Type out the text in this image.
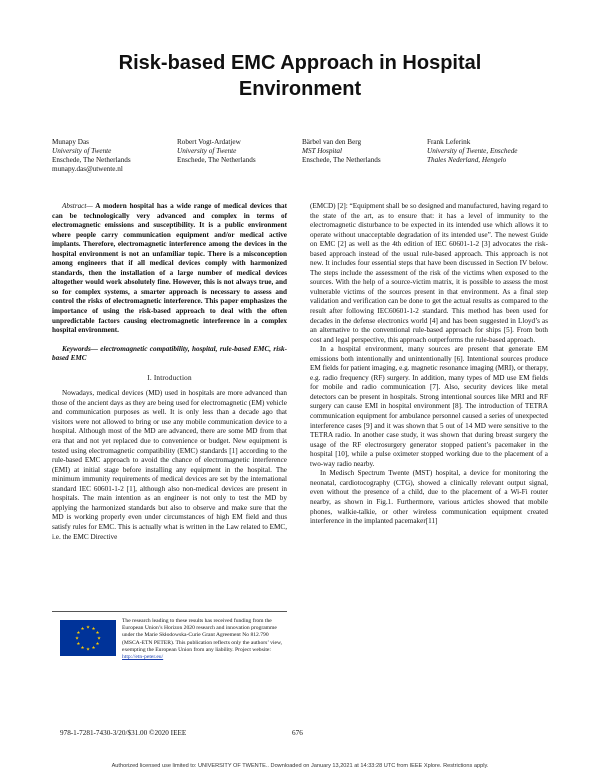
Risk-based EMC Approach in Hospital Environment
Munapy Das
University of Twente
Enschede, The Netherlands
munapy.das@utwente.nl
Robert Vogt-Ardatjew
University of Twente
Enschede, The Netherlands
Bärbel van den Berg
MST Hospital
Enschede, The Netherlands
Frank Leferink
University of Twente, Enschede
Thales Nederland, Hengelo

Abstract— A modern hospital has a wide range of medical devices that can be technologically very advanced and complex in terms of electromagnetic emissions and susceptibility. It is a public environment where people carry communication equipment and/or medical active implants. Therefore, electromagnetic interference among the devices in the hospital environment is not an unfamiliar topic. There is a misconception among engineers that if all medical devices comply with harmonized standards, then the installation of a large number of medical devices altogether would work absolutely fine. However, this is not always true, and so for complex systems, a smarter approach is necessary to assess and control the risks of electromagnetic interference. This paper emphasizes the importance of using the risk-based approach to deal with the often unpredictable factors causing electromagnetic interference in a complex hospital environment.

Keywords— electromagnetic compatibility, hospital, rule-based EMC, risk-based EMC

I. Introduction

Nowadays, medical devices (MD) used in hospitals are more advanced than those of the ancient days as they are being used for electromagnetic (EM) vehicle and communication purposes as well. It is only less than a decade ago that visitors were not allowed to bring or use any mobile communication device to a hospital. Although most of the MD are advanced, there are some MD from that era that and not yet replaced due to convenience or budget. New equipment is tested using electromagnetic compatibility (EMC) standards [1] according to the rule-based EMC approach to avoid the chance of electromagnetic interference (EMI) at initial stage before installing any equipment in the hospital. The minimum immunity requirements of medical devices are set by the international standard IEC 60601-1-2 [1], although also non-medical devices are present in hospitals. The main intention as an engineer is not only to test the MD by applying the harmonized standards but also to observe and make sure that the MD is working properly even under circumstances of high EM field and thus satisfy rules for EMC. This is actually what is written in the Law related to EMC, i.e. the EMC Directive

(EMCD) [2]: “Equipment shall be so designed and manufactured, having regard to the state of the art, as to ensure that: it has a level of immunity to the electromagnetic disturbance to be expected in its intended use which allows it to operate without unacceptable degradation of its intended use”. The newest Guide on EMC [2] as well as the 4th edition of IEC 60601-1-2 [3] advocates the risk-based approach instead of the usual rule-based approach. This approach is not new. It includes four essential steps that have been discussed in Section IV below. The steps include the assessment of the risk of the victims when exposed to the sources. With the help of a source-victim matrix, it is possible to assess the most vulnerable victims of the sources present in that environment. As a final step validation and verification can be done to get the actual results as compared to the result after following IEC60601-1-2 standard. This method has been used for decades in the defense electronics world [4] and has been suggested in Lloyd’s as an alternative to the conventional rule-based approach for ships [5]. From both cost and legal perspective, this approach outperforms the rule-based approach.

In a hospital environment, many sources are present that generate EM emissions both intentionally and unintentionally [6]. Intentional sources produce EM fields for patient imaging, e.g. magnetic resonance imaging (MRI), or therapy, e.g. radio frequency (RF) surgery. In addition, many types of MD use EM fields for mobile and radio communication [7]. Also, security devices like metal detectors can be present in hospitals. Strong intentional sources like MRI and RF surgery can cause EMI in hospital environment [8]. The introduction of TETRA communication equipment for ambulance personnel caused a series of unexpected interference cases [9] and it was shown that 5 out of 14 MD were sensitive to the TETRA radio. In another case study, it was shown that during breast surgery the usage of the RF electrosurgery generator stopped patient’s pacemaker in the hospital [10], while a pulse oximeter stopped working due to the placement of a two-way radio nearby.

In Medisch Spectrum Twente (MST) hospital, a device for monitoring the neonatal, cardiotocography (CTG), showed a clinically relevant output signal, even without the presence of a child, due to the placement of a Wi-Fi router nearby, as shown in Fig.1. Furthermore, various articles showed that mobile phones, walkie-talkie, or other wireless communication equipment created interference in the implanted pacemaker[11]

★ ★
★
★
★
★
★
★
★
★
★
★
The research leading to these results has received funding from the European Union’s Horizon 2020 research and innovation programme under the Marie Skłodowska-Curie Grant Agreement No 812.790 (MSCA-ETN PETER). This publication reflects only the authors’ view, exempting the European Union from any liability. Project website: http://etn-peter.eu/
978-1-7281-7430-3/20/$31.00 ©2020 IEEE	676
Authorized licensed use limited to: UNIVERSITY OF TWENTE.. Downloaded on January 13,2021 at 14:33:28 UTC from IEEE Xplore. Restrictions apply.
